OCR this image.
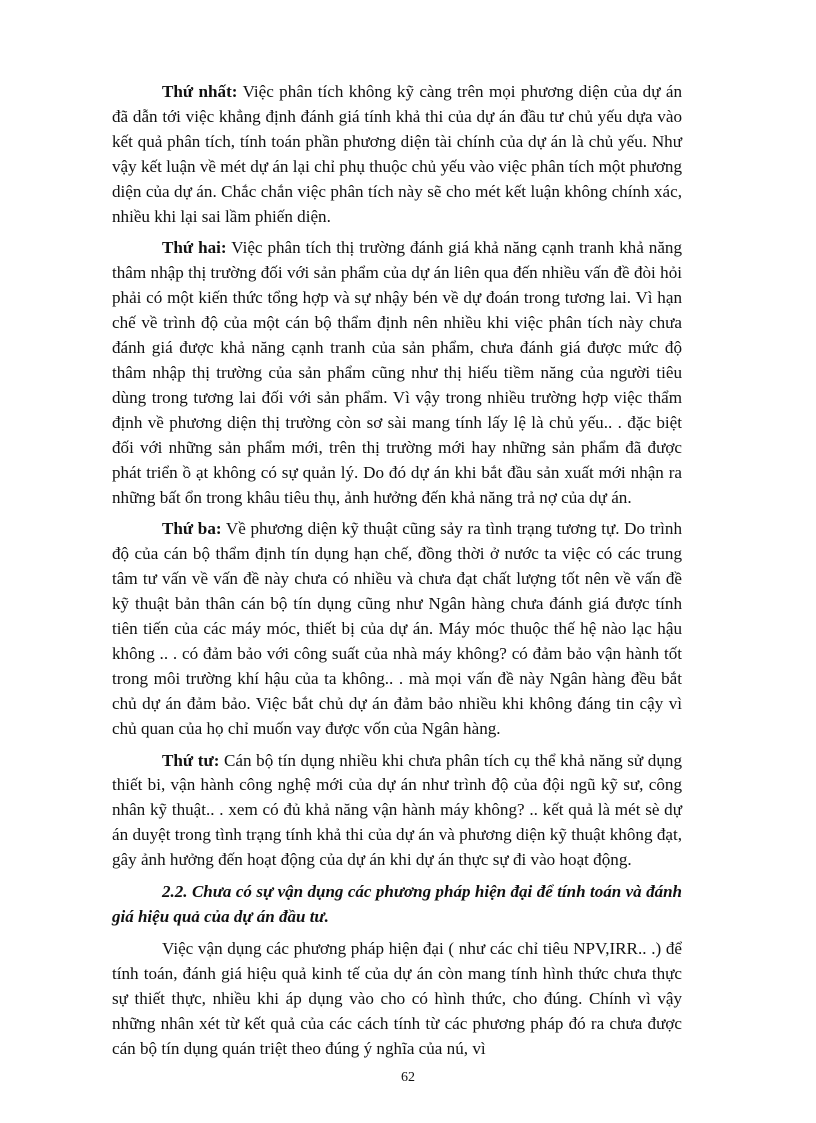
Thứ nhất: Việc phân tích không kỹ càng trên mọi phương diện của dự án đã dẫn tới việc khẳng định đánh giá tính khả thi của dự án đầu tư chủ yếu dựa vào kết quả phân tích, tính toán phần phương diện tài chính của dự án là chủ yếu. Như vậy kết luận về mét dự án lại chỉ phụ thuộc chủ yếu vào việc phân tích một phương diện của dự án. Chắc chắn việc phân tích này sẽ cho mét kết luận không chính xác, nhiều khi lại sai lầm phiến diện.

Thứ hai: Việc phân tích thị trường đánh giá khả năng cạnh tranh khả năng thâm nhập thị trường đối với sản phẩm của dự án liên qua đến nhiều vấn đề đòi hỏi phải có một kiến thức tổng hợp và sự nhậy bén về dự đoán trong tương lai. Vì hạn chế về trình độ của một cán bộ thẩm định nên nhiều khi việc phân tích này chưa đánh giá được khả năng cạnh tranh của sản phẩm, chưa đánh giá được mức độ thâm nhập thị trường của sản phẩm cũng như thị hiếu tiềm năng của người tiêu dùng trong tương lai đối với sản phẩm. Vì vậy trong nhiều trường hợp việc thẩm định về phương diện thị trường còn sơ sài mang tính lấy lệ là chủ yếu.. . đặc biệt đối với những sản phẩm mới, trên thị trường mới hay những sản phẩm đã được phát triển ồ ạt không có sự quản lý. Do đó dự án khi bắt đầu sản xuất mới nhận ra những bất ổn trong khâu tiêu thụ, ảnh hưởng đến khả năng trả nợ của dự án.

Thứ ba: Về phương diện kỹ thuật cũng sảy ra tình trạng tương tự. Do trình độ của cán bộ thẩm định tín dụng hạn chế, đồng thời ở nước ta việc có các trung tâm tư vấn về vấn đề này chưa có nhiều và chưa đạt chất lượng tốt nên về vấn đề kỹ thuật bản thân cán bộ tín dụng cũng như Ngân hàng chưa đánh giá được tính tiên tiến của các máy móc, thiết bị của dự án. Máy móc thuộc thế hệ nào lạc hậu không .. . có đảm bảo với công suất của nhà máy không? có đảm bảo vận hành tốt trong môi trường khí hậu của ta không.. . mà mọi vấn đề này Ngân hàng đều bắt chủ dự án đảm bảo. Việc bắt chủ dự án đảm bảo nhiều khi không đáng tin cậy vì chủ quan của họ chỉ muốn vay được vốn của Ngân hàng.

Thứ tư: Cán bộ tín dụng nhiều khi chưa phân tích cụ thể khả năng sử dụng thiết bi, vận hành công nghệ mới của dự án như trình độ của đội ngũ kỹ sư, công nhân kỹ thuật.. . xem có đủ khả năng vận hành máy không? .. kết quả là mét sè dự án duyệt trong tình trạng tính khả thi của dự án và phương diện kỹ thuật không đạt, gây ảnh hưởng đến hoạt động của dự án khi dự án thực sự đi vào hoạt động.

2.2. Chưa có sự vận dụng các phương pháp hiện đại để tính toán và đánh giá hiệu quả của dự án đầu tư.

Việc vận dụng các phương pháp hiện đại ( như các chỉ tiêu NPV,IRR.. .) để tính toán, đánh giá hiệu quả kinh tế của dự án còn mang tính hình thức chưa thực sự thiết thực, nhiều khi áp dụng vào cho có hình thức, cho đúng. Chính vì vậy những nhân xét từ kết quả của các cách tính từ các phương pháp đó ra chưa được cán bộ tín dụng quán triệt theo đúng ý nghĩa của nú, vì

62
